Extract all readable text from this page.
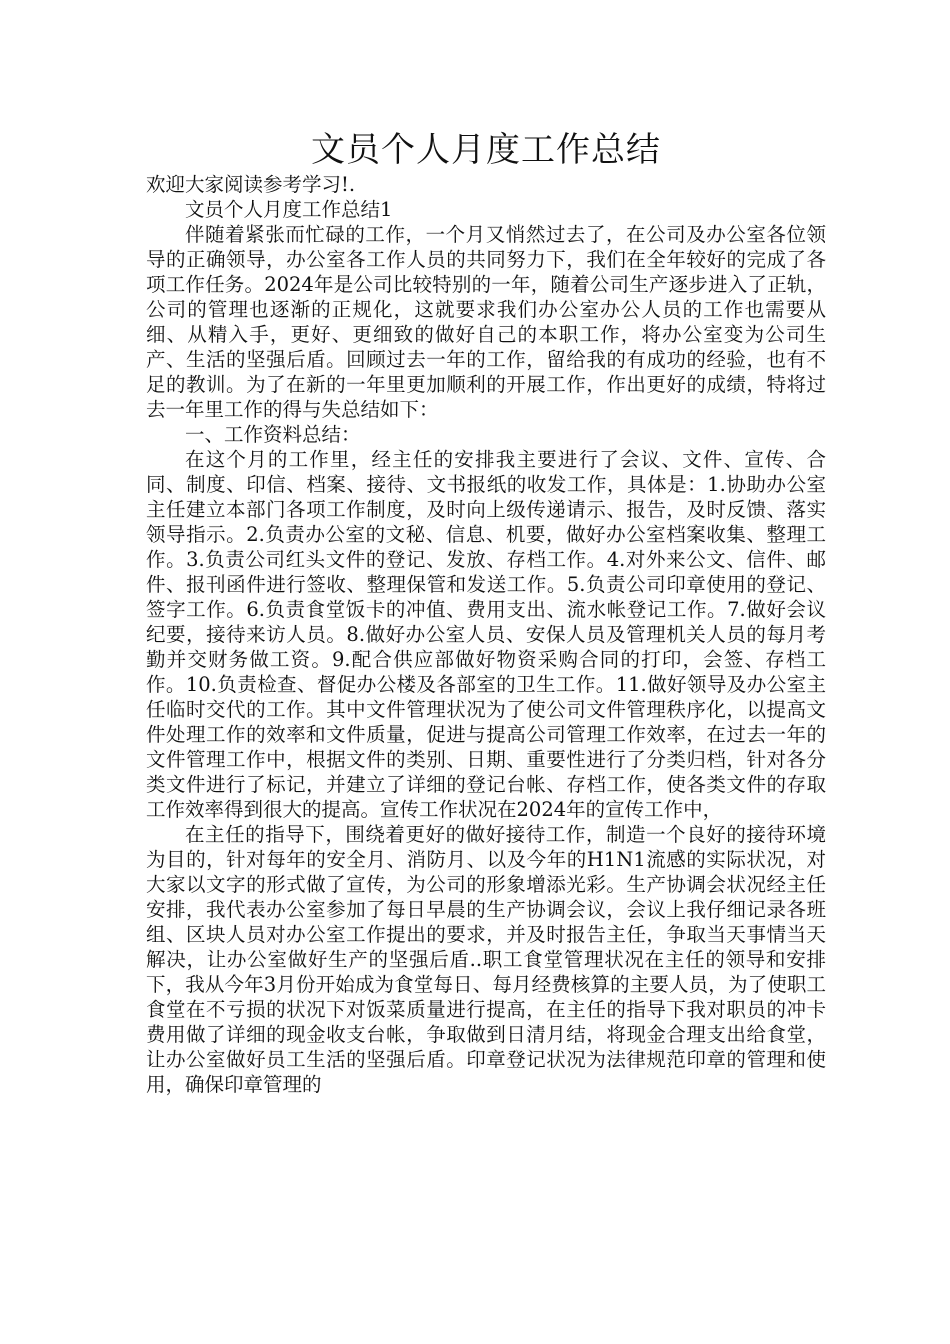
文员个人月度工作总结

欢迎大家阅读参考学习!.

文员个人月度工作总结1

伴随着紧张而忙碌的工作，一个月又悄然过去了，在公司及办公室各位领导的正确领导，办公室各工作人员的共同努力下，我们在全年较好的完成了各项工作任务。2024年是公司比较特别的一年，随着公司生产逐步进入了正轨，公司的管理也逐渐的正规化，这就要求我们办公室办公人员的工作也需要从细、从精入手，更好、更细致的做好自己的本职工作，将办公室变为公司生产、生活的坚强后盾。回顾过去一年的工作，留给我的有成功的经验，也有不足的教训。为了在新的一年里更加顺利的开展工作，作出更好的成绩，特将过去一年里工作的得与失总结如下：

一、工作资料总结：

在这个月的工作里，经主任的安排我主要进行了会议、文件、宣传、合同、制度、印信、档案、接待、文书报纸的收发工作，具体是：1.协助办公室主任建立本部门各项工作制度，及时向上级传递请示、报告，及时反馈、落实领导指示。2.负责办公室的文秘、信息、机要，做好办公室档案收集、整理工作。3.负责公司红头文件的登记、发放、存档工作。4.对外来公文、信件、邮件、报刊函件进行签收、整理保管和发送工作。5.负责公司印章使用的登记、签字工作。6.负责食堂饭卡的冲值、费用支出、流水帐登记工作。7.做好会议纪要，接待来访人员。8.做好办公室人员、安保人员及管理机关人员的每月考勤并交财务做工资。9.配合供应部做好物资采购合同的打印，会签、存档工作。10.负责检查、督促办公楼及各部室的卫生工作。11.做好领导及办公室主任临时交代的工作。其中文件管理状况为了使公司文件管理秩序化，以提高文件处理工作的效率和文件质量，促进与提高公司管理工作效率，在过去一年的文件管理工作中，根据文件的类别、日期、重要性进行了分类归档，针对各分类文件进行了标记，并建立了详细的登记台帐、存档工作，使各类文件的存取工作效率得到很大的提高。宣传工作状况在2024年的宣传工作中，

在主任的指导下，围绕着更好的做好接待工作，制造一个良好的接待环境为目的，针对每年的安全月、消防月、以及今年的H1N1流感的实际状况，对大家以文字的形式做了宣传，为公司的形象增添光彩。生产协调会状况经主任安排，我代表办公室参加了每日早晨的生产协调会议，会议上我仔细记录各班组、区块人员对办公室工作提出的要求，并及时报告主任，争取当天事情当天解决，让办公室做好生产的坚强后盾..职工食堂管理状况在主任的领导和安排下，我从今年3月份开始成为食堂每日、每月经费核算的主要人员，为了使职工食堂在不亏损的状况下对饭菜质量进行提高，在主任的指导下我对职员的冲卡费用做了详细的现金收支台帐，争取做到日清月结，将现金合理支出给食堂，让办公室做好员工生活的坚强后盾。印章登记状况为法律规范印章的管理和使用，确保印章管理的
